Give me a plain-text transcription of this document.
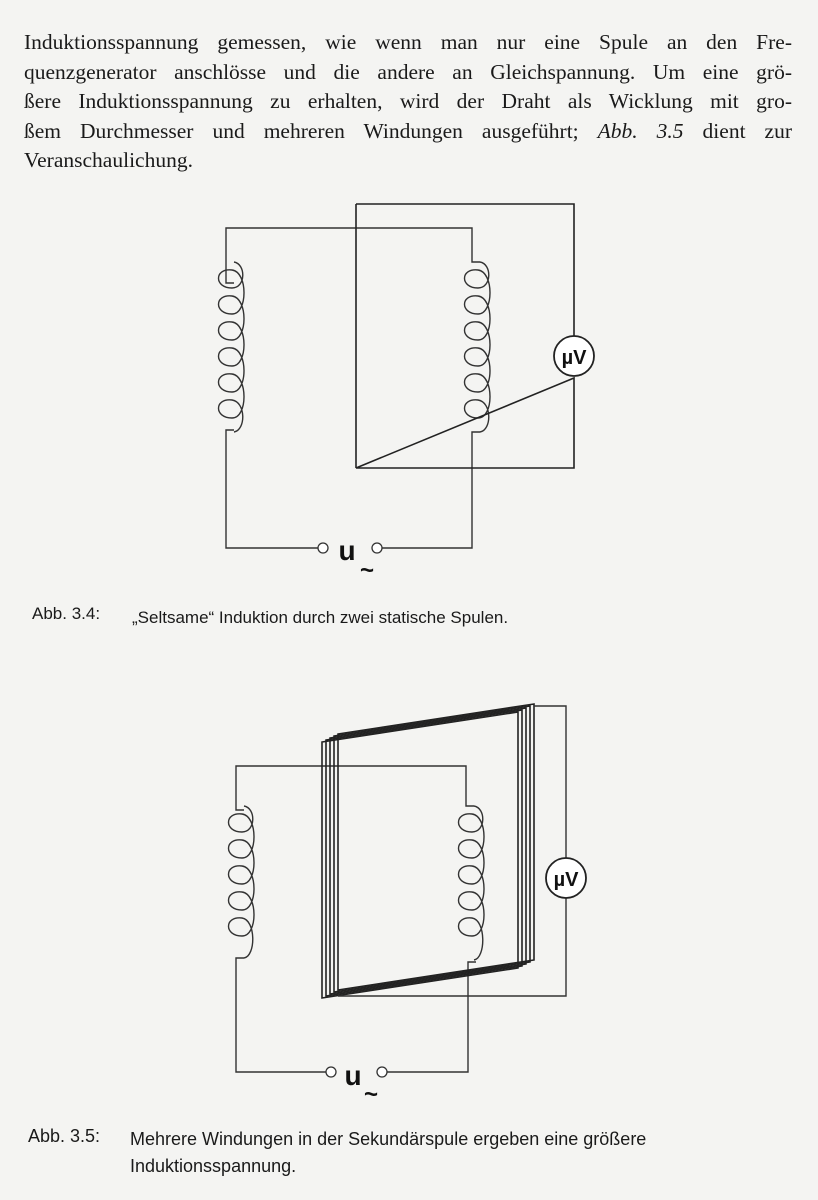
Induktionsspannung gemessen, wie wenn man nur eine Spule an den Fre-
quenzgenerator anschlösse und die andere an Gleichspannung. Um eine grö-
ßere Induktionsspannung zu erhalten, wird der Draht als Wicklung mit gro-
ßem Durchmesser und mehreren Windungen ausgeführt; Abb. 3.5 dient zur
Veranschaulichung.
µV
u
~
Abb. 3.4: „Seltsame“ Induktion durch zwei statische Spulen.
µV
u
~
Abb. 3.5: Mehrere Windungen in der Sekundärspule ergeben eine größere
Induktionsspannung.
